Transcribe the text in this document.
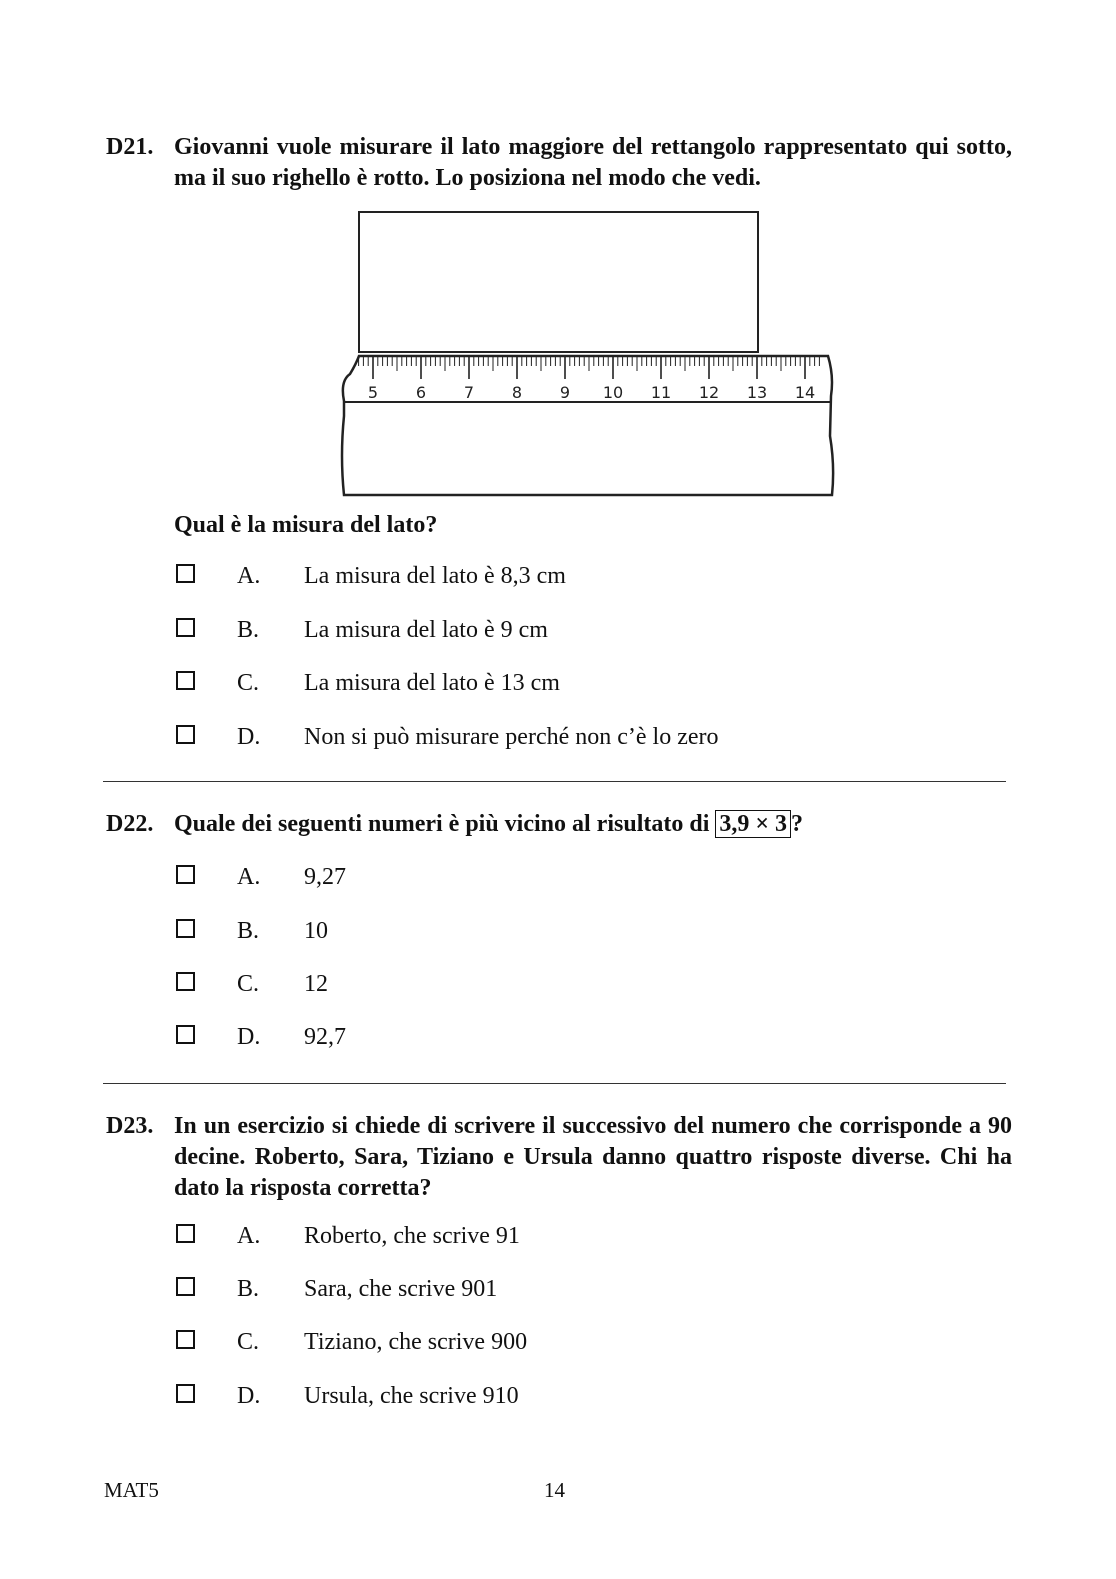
D21. Giovanni vuole misurare il lato maggiore del rettangolo rappresentato qui sotto, ma il suo righello è rotto. Lo posiziona nel modo che vedi.
5 6 7 8 9 10 11 12 13 14
Qual è la misura del lato?
A. La misura del lato è 8,3 cm
B. La misura del lato è 9 cm
C. La misura del lato è 13 cm
D. Non si può misurare perché non c’è lo zero
D22. Quale dei seguenti numeri è più vicino al risultato di 3,9 × 3 ?
A. 9,27
B. 10
C. 12
D. 92,7
D23. In un esercizio si chiede di scrivere il successivo del numero che corrisponde a 90 decine. Roberto, Sara, Tiziano e Ursula danno quattro risposte diverse. Chi ha dato la risposta corretta?
A. Roberto, che scrive 91
B. Sara, che scrive 901
C. Tiziano, che scrive 900
D. Ursula, che scrive 910
MAT5	14
